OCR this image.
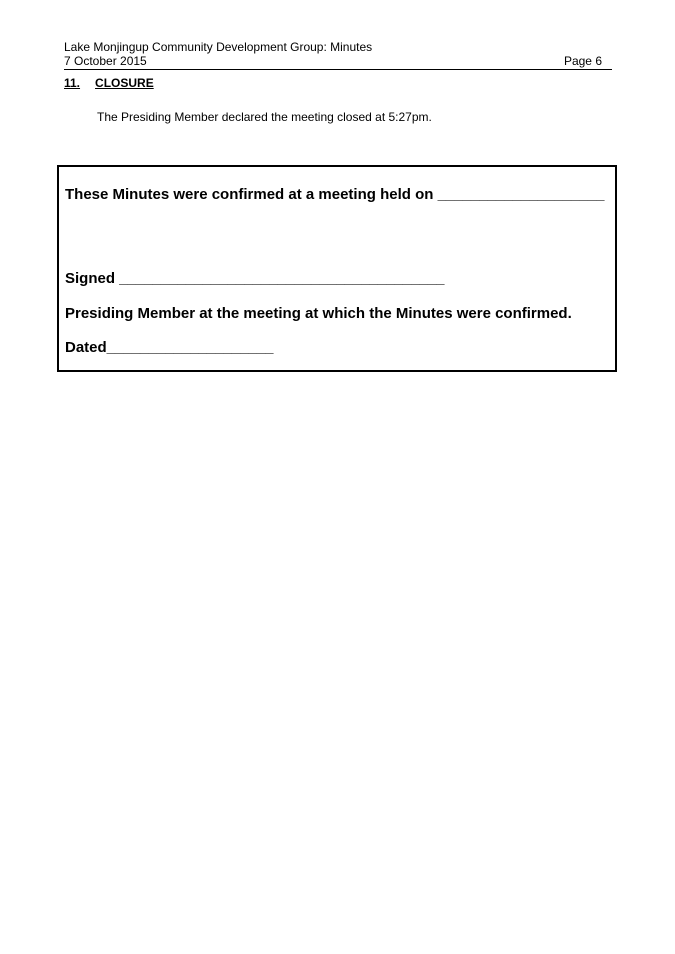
Lake Monjingup Community Development Group: Minutes
7 October 2015	Page 6
11. CLOSURE
The Presiding Member declared the meeting closed at 5:27pm.
These Minutes were confirmed at a meeting held on ____________________
Signed _______________________________________
Presiding Member at the meeting at which the Minutes were confirmed.
Dated____________________
